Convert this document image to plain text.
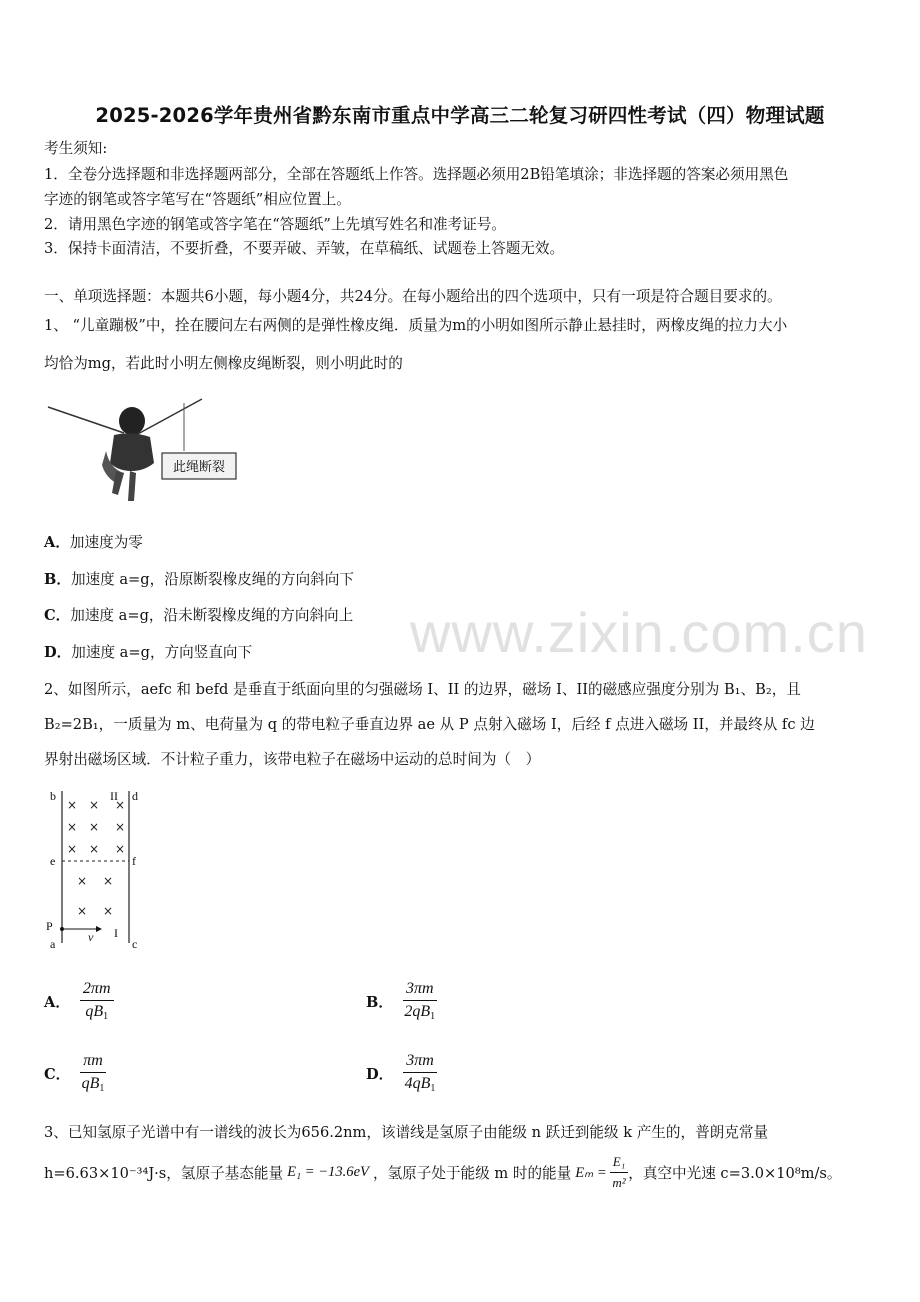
2025-2026学年贵州省黔东南市重点中学高三二轮复习研四性考试（四）物理试题
考生须知:
1．全卷分选择题和非选择题两部分，全部在答题纸上作答。选择题必须用2B铅笔填涂；非选择题的答案必须用黑色
字迹的钢笔或答字笔写在“答题纸”相应位置上。
2．请用黑色字迹的钢笔或答字笔在“答题纸”上先填写姓名和准考证号。
3．保持卡面清洁，不要折叠，不要弄破、弄皱，在草稿纸、试题卷上答题无效。
一、单项选择题：本题共6小题，每小题4分，共24分。在每小题给出的四个选项中，只有一项是符合题目要求的。
1、 “儿童蹦极”中，拴在腰问左右两侧的是弹性橡皮绳．质量为m的小明如图所示静止悬挂时，两橡皮绳的拉力大小
均恰为mg，若此时小明左侧橡皮绳断裂，则小明此时的
此绳断裂
A．加速度为零
B．加速度 a=g，沿原断裂橡皮绳的方向斜向下
C．加速度 a=g，沿未断裂橡皮绳的方向斜向上
D．加速度 a=g，方向竖直向下	www.zixin.com.cn
2、如图所示，aefc 和 befd 是垂直于纸面向里的匀强磁场 I、II 的边界，磁场 I、II的磁感应强度分别为 B₁、B₂，且
B₂=2B₁，一质量为 m、电荷量为 q 的带电粒子垂直边界 ae 从 P 点射入磁场 I，后经 f 点进入磁场 II，并最终从 fc 边
界射出磁场区域．不计粒子重力，该带电粒子在磁场中运动的总时间为（　）
b	d
II
e	f
P
a	c
I
v
× × ×
× × ×
× × ×
× ×
× ×
A． $\frac{2\pi m}{qB_1}$	B． $\frac{3\pi m}{2qB_1}$
C． $\frac{\pi m}{qB_1}$	D． $\frac{3\pi m}{4qB_1}$
3、已知氢原子光谱中有一谱线的波长为656.2nm，该谱线是氢原子由能级 n 跃迁到能级 k 产生的，普朗克常量
h=6.63×10⁻³⁴J·s，氢原子基态能量 E₁ = −13.6eV ，氢原子处于能级 m 时的能量 $E_m = \frac{\text{E₁}}{\text{m²}}$ ，真空中光速 c=3.0×10⁸m/s。
